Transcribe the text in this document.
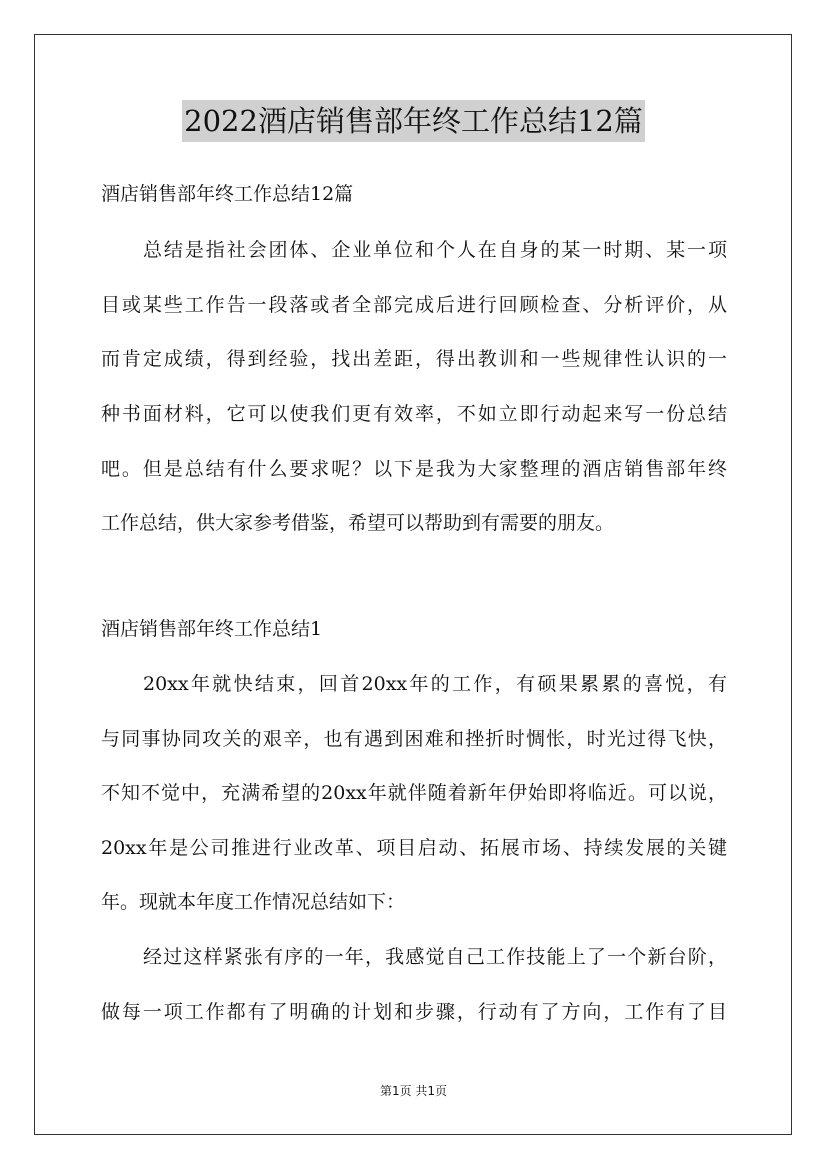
2022酒店销售部年终工作总结12篇
酒店销售部年终工作总结12篇
总结是指社会团体、企业单位和个人在自身的某一时期、某一项
目或某些工作告一段落或者全部完成后进行回顾检查、分析评价，从
而肯定成绩，得到经验，找出差距，得出教训和一些规律性认识的一
种书面材料，它可以使我们更有效率，不如立即行动起来写一份总结
吧。但是总结有什么要求呢？以下是我为大家整理的酒店销售部年终
工作总结，供大家参考借鉴，希望可以帮助到有需要的朋友。
酒店销售部年终工作总结1
20xx年就快结束，回首20xx年的工作，有硕果累累的喜悦，有
与同事协同攻关的艰辛，也有遇到困难和挫折时惆怅，时光过得飞快，
不知不觉中，充满希望的20xx年就伴随着新年伊始即将临近。可以说，
20xx年是公司推进行业改革、项目启动、拓展市场、持续发展的关键
年。现就本年度工作情况总结如下：
经过这样紧张有序的一年，我感觉自己工作技能上了一个新台阶，
做每一项工作都有了明确的计划和步骤，行动有了方向，工作有了目
第1页 共1页
